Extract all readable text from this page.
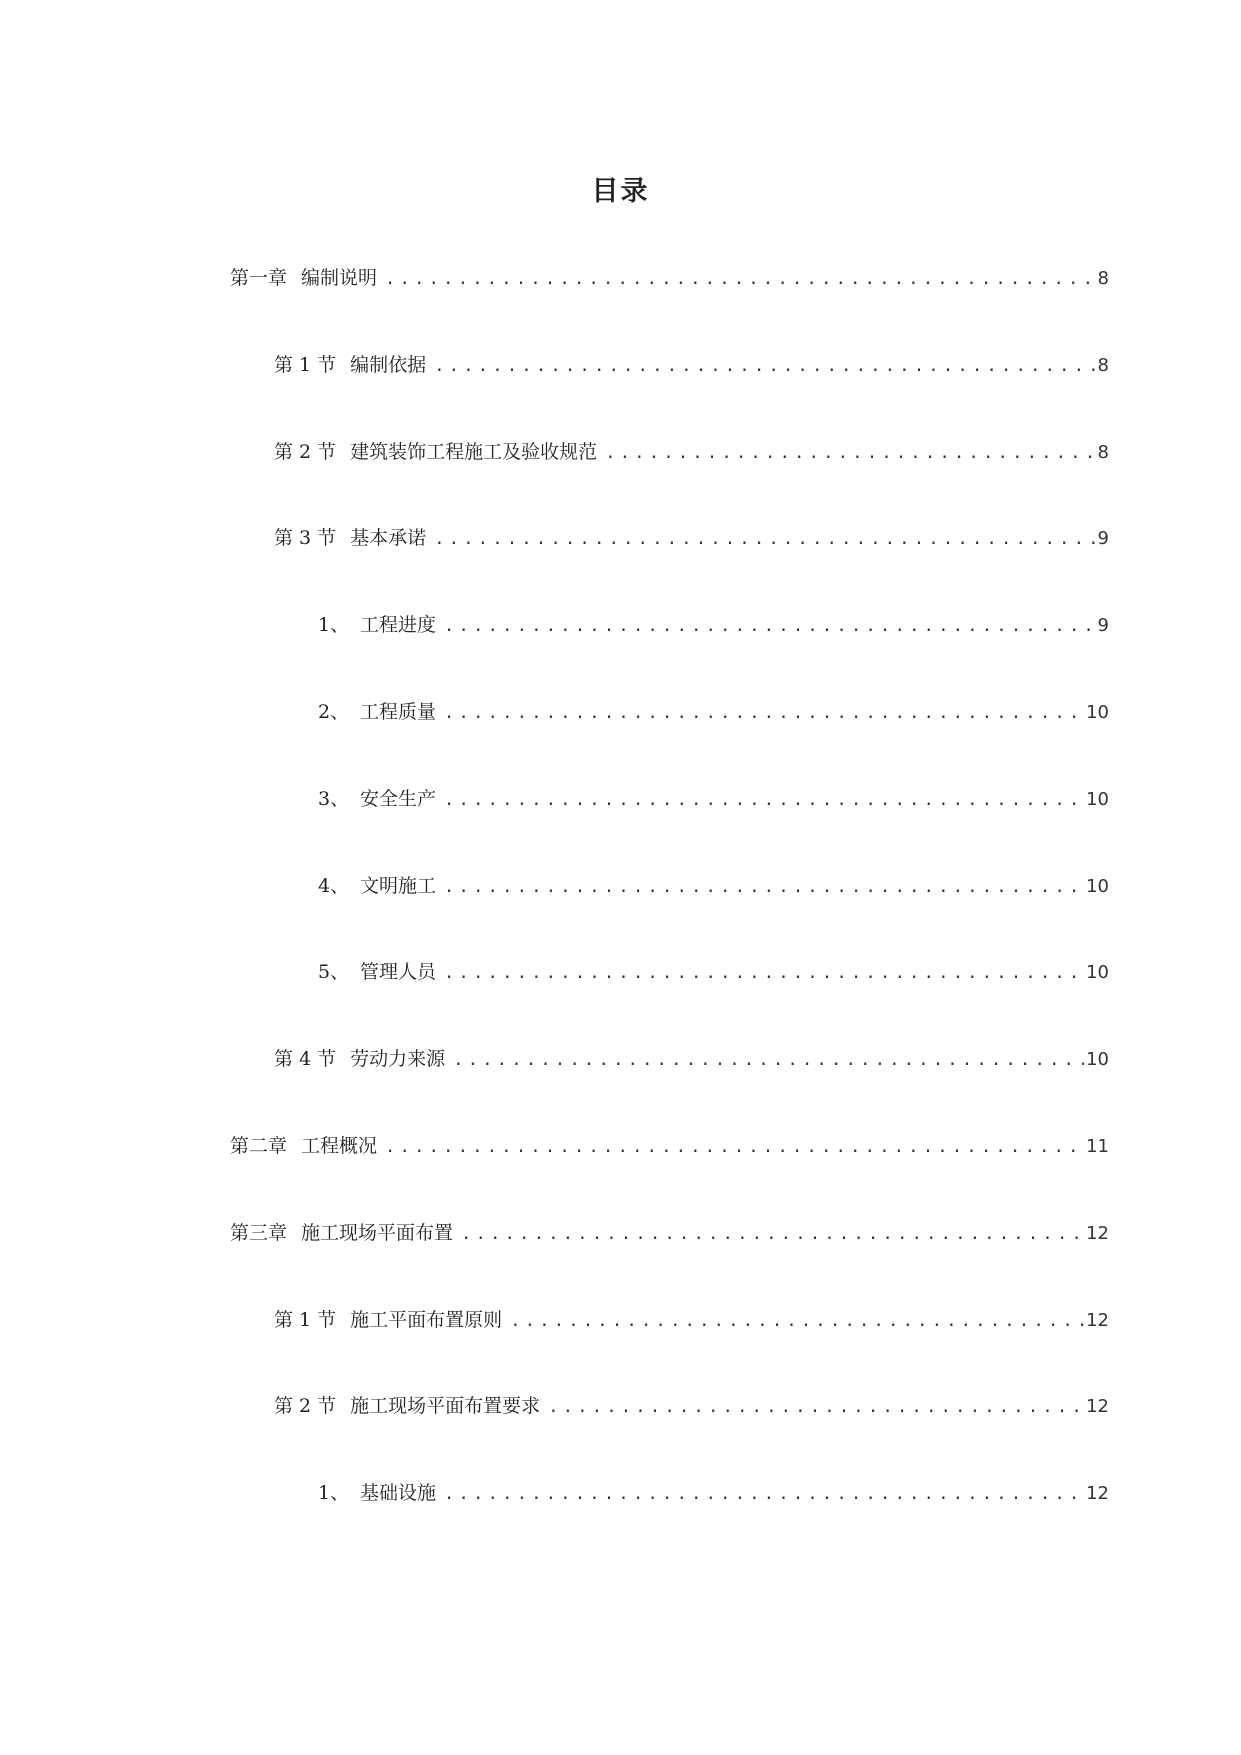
目录
第一章 编制说明 .....	8
第 1 节 编制依据 .....	8
第 2 节 建筑装饰工程施工及验收规范 .....	8
第 3 节 基本承诺 .....	9
1、 工程进度 .....	9
2、 工程质量 .....	10
3、 安全生产 .....	10
4、 文明施工 .....	10
5、 管理人员 .....	10
第 4 节 劳动力来源 .....	10
第二章 工程概况 .....	11
第三章 施工现场平面布置 .....	12
第 1 节 施工平面布置原则 .....	12
第 2 节 施工现场平面布置要求 .....	12
1、 基础设施 .....	12
